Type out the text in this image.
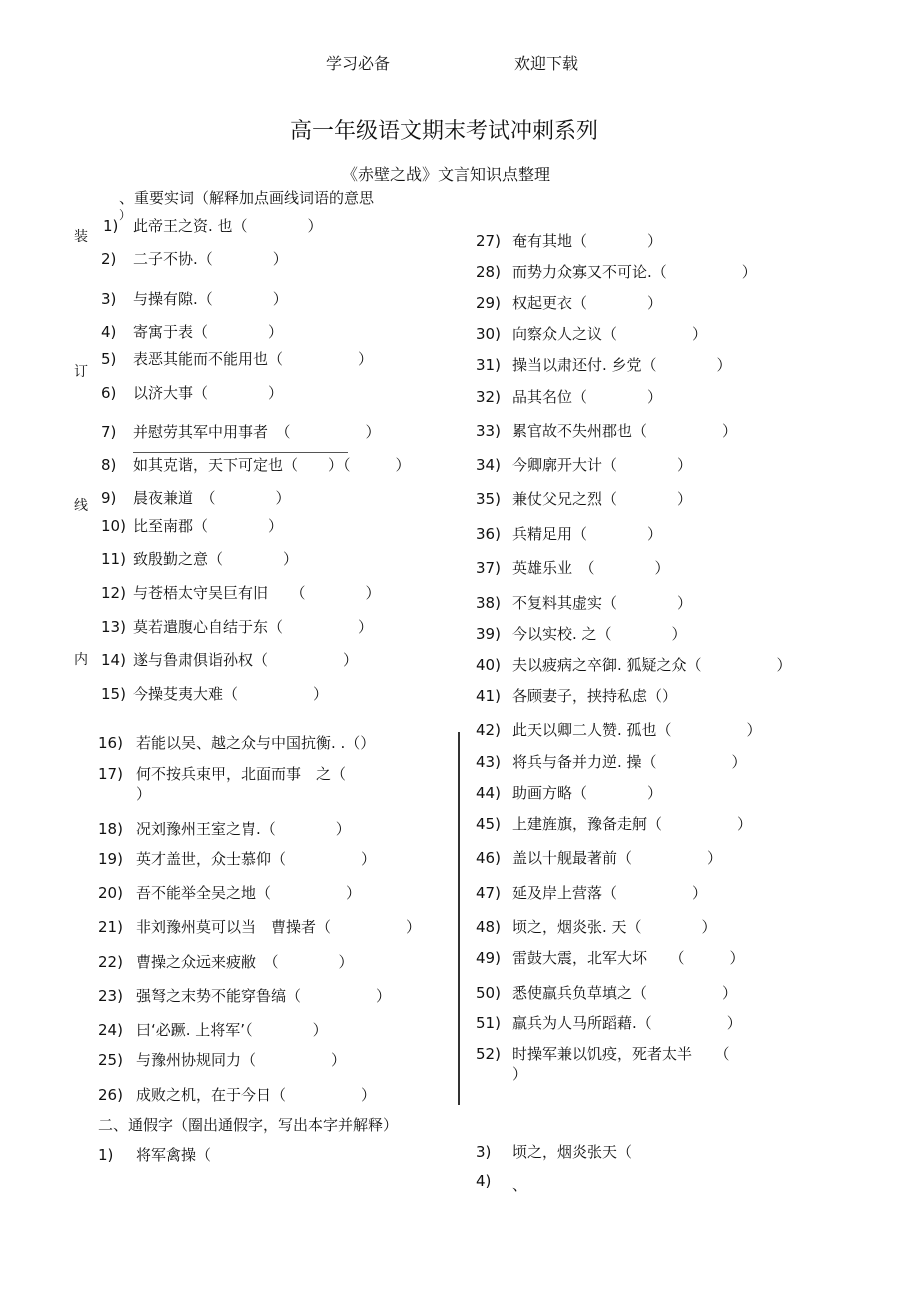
学习必备	欢迎下载
高一年级语文期末考试冲刺系列
《赤壁之战》文言知识点整理
、重要实词（解释加点画线词语的意思
）
装
订
线
内
1) 此帝王之资. 也（　　　　）
2) 二子不协.（　　　　）
3) 与操有隙.（　　　　）
4) 寄寓于表（　　　　）
5) 表恶其能而不能用也（　　　　　）
6) 以济大事（　　　　）
7) 并慰劳其军中用事者　（　　　　　）
8) 如其克谐，天下可定也（　　）（　　　）
9) 晨夜兼道　（　　　　）
10) 比至南郡（　　　　）
11) 致殷勤之意（　　　　）
12) 与苍梧太守吴巨有旧　　（　　　　）
13) 莫若遣腹心自结于东（　　　　　）
14) 遂与鲁肃俱诣孙权（　　　　　）
15) 今操芟夷大难（　　　　　）
16) 若能以吴、越之众与中国抗衡. .（）
17) 何不按兵束甲，北面而事　之（
）
18) 况刘豫州王室之胄.（　　　　）
19) 英才盖世，众士慕仰（　　　　　）
20) 吾不能举全吴之地（　　　　　）
21) 非刘豫州莫可以当　曹操者（　　　　　）
22) 曹操之众远来疲敝　（　　　　）
23) 强弩之末势不能穿鲁缟（　　　　　）
24) 曰‘必蹶. 上将军’（　　　　）
25) 与豫州协规同力（　　　　　）
26) 成败之机，在于今日（　　　　　）
27) 奄有其地（　　　　）
28) 而势力众寡又不可论.（　　　　　）
29) 权起更衣（　　　　）
30) 向察众人之议（　　　　　）
31) 操当以肃还付. 乡党（　　　　）
32) 品其名位（　　　　）
33) 累官故不失州郡也（　　　　　）
34) 今卿廓开大计（　　　　）
35) 兼仗父兄之烈（　　　　）
36) 兵精足用（　　　　）
37) 英雄乐业　（　　　　）
38) 不复料其虚实（　　　　）
39) 今以实校. 之（　　　　）
40) 夫以疲病之卒御. 狐疑之众（　　　　　）
41) 各顾妻子，挟持私虑（）
42) 此天以卿二人赞. 孤也（　　　　　）
43) 将兵与备并力逆. 操（　　　　　）
44) 助画方略（　　　　）
45) 上建旌旗，豫备走舸（　　　　　）
46) 盖以十舰最著前（　　　　　）
47) 延及岸上营落（　　　　　）
48) 顷之，烟炎张. 天（　　　　）
49) 雷鼓大震，北军大坏　　（　　　）
50) 悉使羸兵负草填之（　　　　　）
51) 羸兵为人马所蹈藉.（　　　　　）
52) 时操军兼以饥疫，死者太半　　（
）
二、通假字（圈出通假字，写出本字并解释）
1) 将军禽操（	3) 顷之，烟炎张天（
4) 、
